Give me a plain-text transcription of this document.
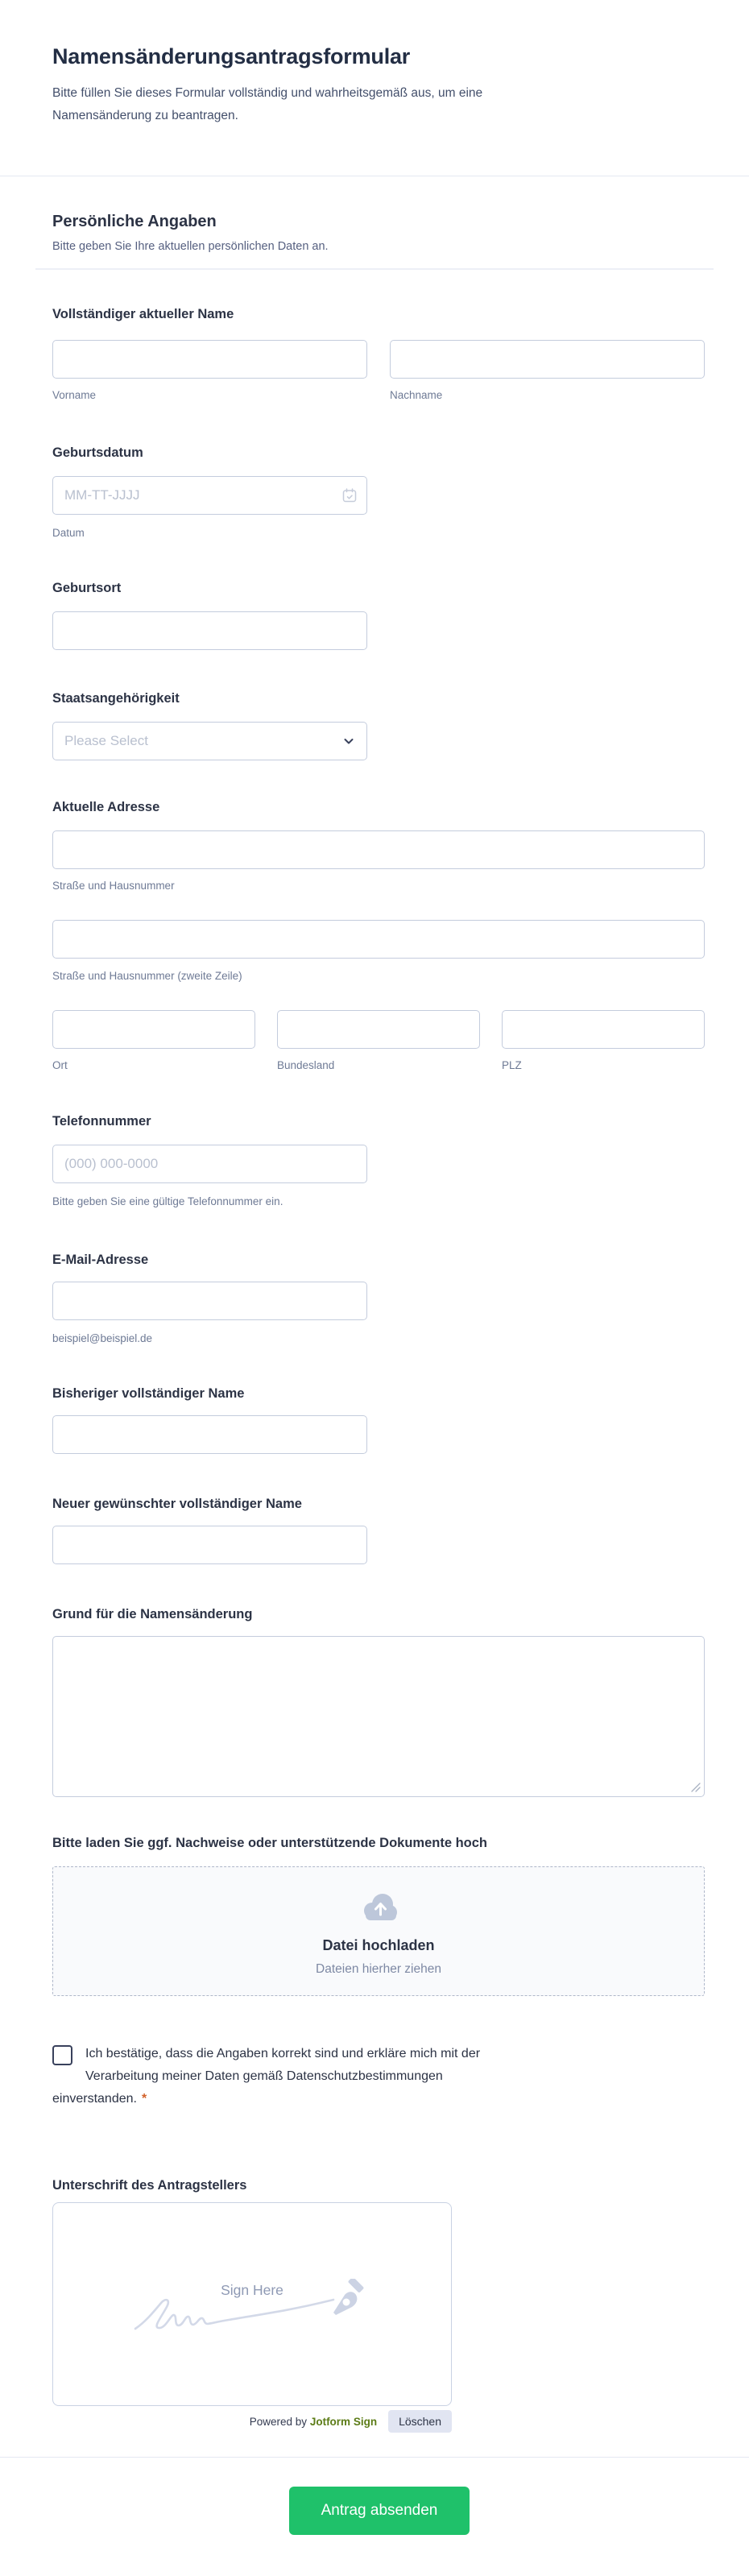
Namensänderungsantragsformular
Bitte füllen Sie dieses Formular vollständig und wahrheitsgemäß aus, um eine Namensänderung zu beantragen.
Persönliche Angaben
Bitte geben Sie Ihre aktuellen persönlichen Daten an.
Vollständiger aktueller Name
Vorname	Nachname
Geburtsdatum
MM-TT-JJJJ
Datum
Geburtsort
Staatsangehörigkeit
Please Select
Aktuelle Adresse
Straße und Hausnummer
Straße und Hausnummer (zweite Zeile)
Ort	Bundesland	PLZ
Telefonnummer
(000) 000-0000
Bitte geben Sie eine gültige Telefonnummer ein.
E-Mail-Adresse
beispiel@beispiel.de
Bisheriger vollständiger Name
Neuer gewünschter vollständiger Name
Grund für die Namensänderung
Bitte laden Sie ggf. Nachweise oder unterstützende Dokumente hoch
Datei hochladen
Dateien hierher ziehen
Ich bestätige, dass die Angaben korrekt sind und erkläre mich mit der Verarbeitung meiner Daten gemäß Datenschutzbestimmungen einverstanden. *
Unterschrift des Antragstellers
Sign Here
Powered by Jotform Sign	Löschen
Antrag absenden
